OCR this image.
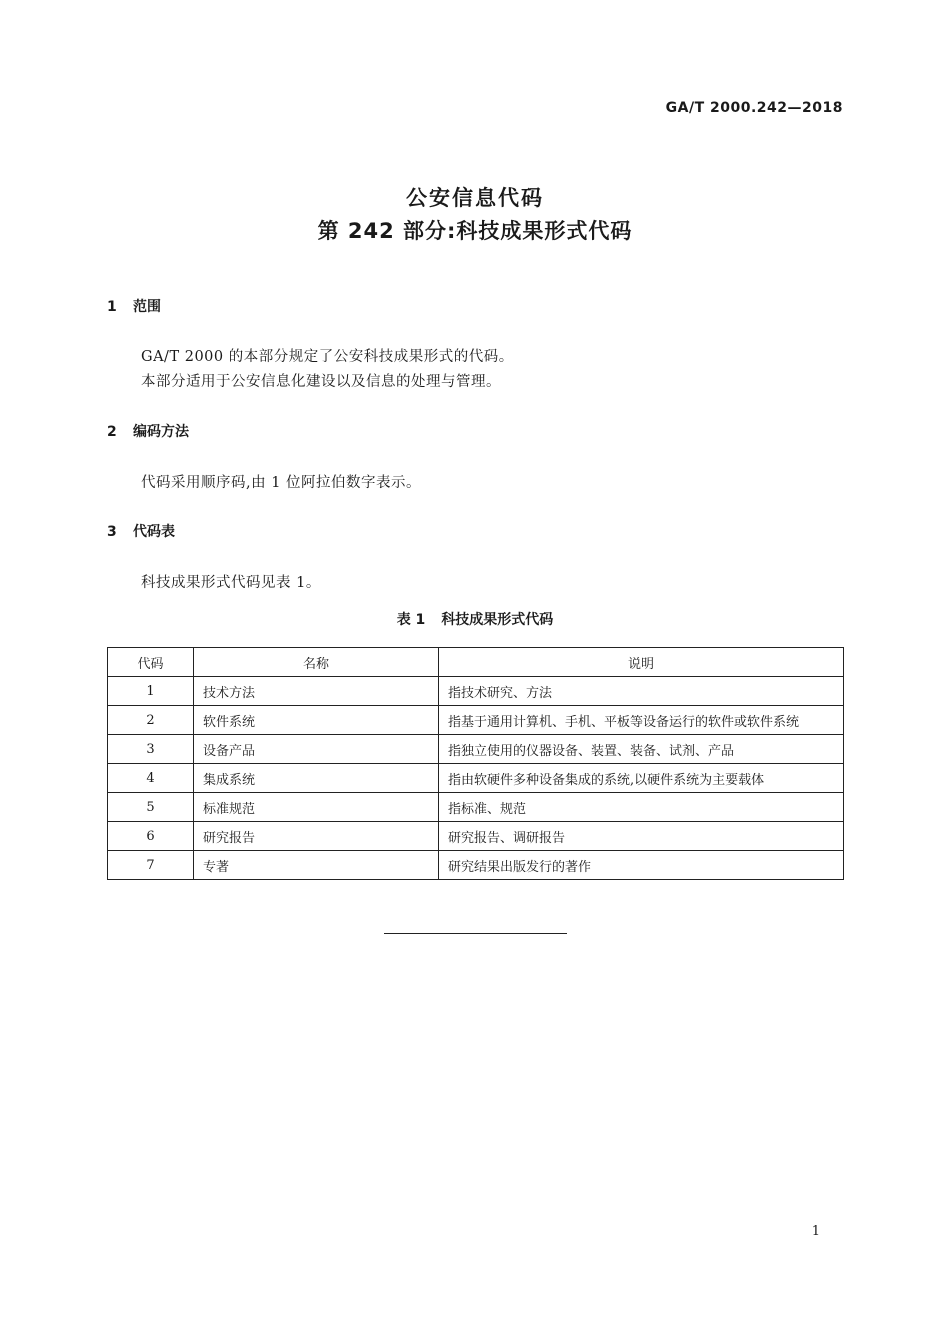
GA/T 2000.242—2018
公安信息代码
第 242 部分:科技成果形式代码
1 范围
GA/T 2000 的本部分规定了公安科技成果形式的代码。
本部分适用于公安信息化建设以及信息的处理与管理。
2 编码方法
代码采用顺序码,由 1 位阿拉伯数字表示。
3 代码表
科技成果形式代码见表 1。
表 1 科技成果形式代码
代码	名称	说明
1	技术方法	指技术研究、方法
2	软件系统	指基于通用计算机、手机、平板等设备运行的软件或软件系统
3	设备产品	指独立使用的仪器设备、装置、装备、试剂、产品
4	集成系统	指由软硬件多种设备集成的系统,以硬件系统为主要载体
5	标准规范	指标准、规范
6	研究报告	研究报告、调研报告
7	专著	研究结果出版发行的著作
1
